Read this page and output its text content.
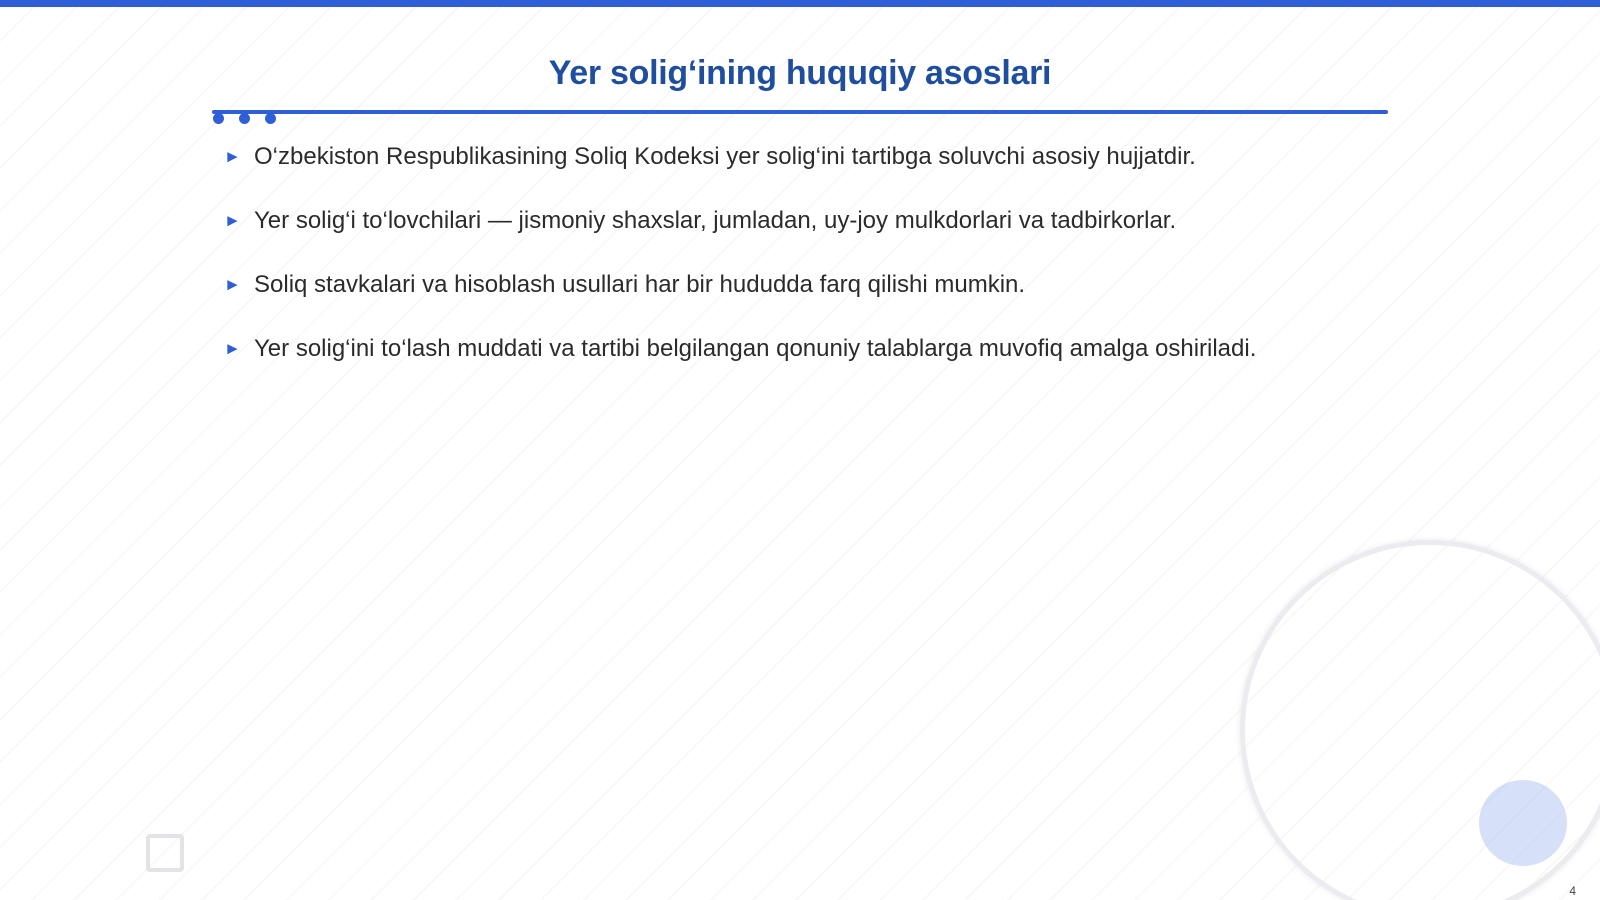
Yer solig‘ining huquqiy asoslari

► O‘zbekiston Respublikasining Soliq Kodeksi yer solig‘ini tartibga soluvchi asosiy hujjatdir.

► Yer solig‘i to‘lovchilari — jismoniy shaxslar, jumladan, uy-joy mulkdorlari va tadbirkorlar.

► Soliq stavkalari va hisoblash usullari har bir hududda farq qilishi mumkin.

► Yer solig‘ini to‘lash muddati va tartibi belgilangan qonuniy talablarga muvofiq amalga oshiriladi.

4
